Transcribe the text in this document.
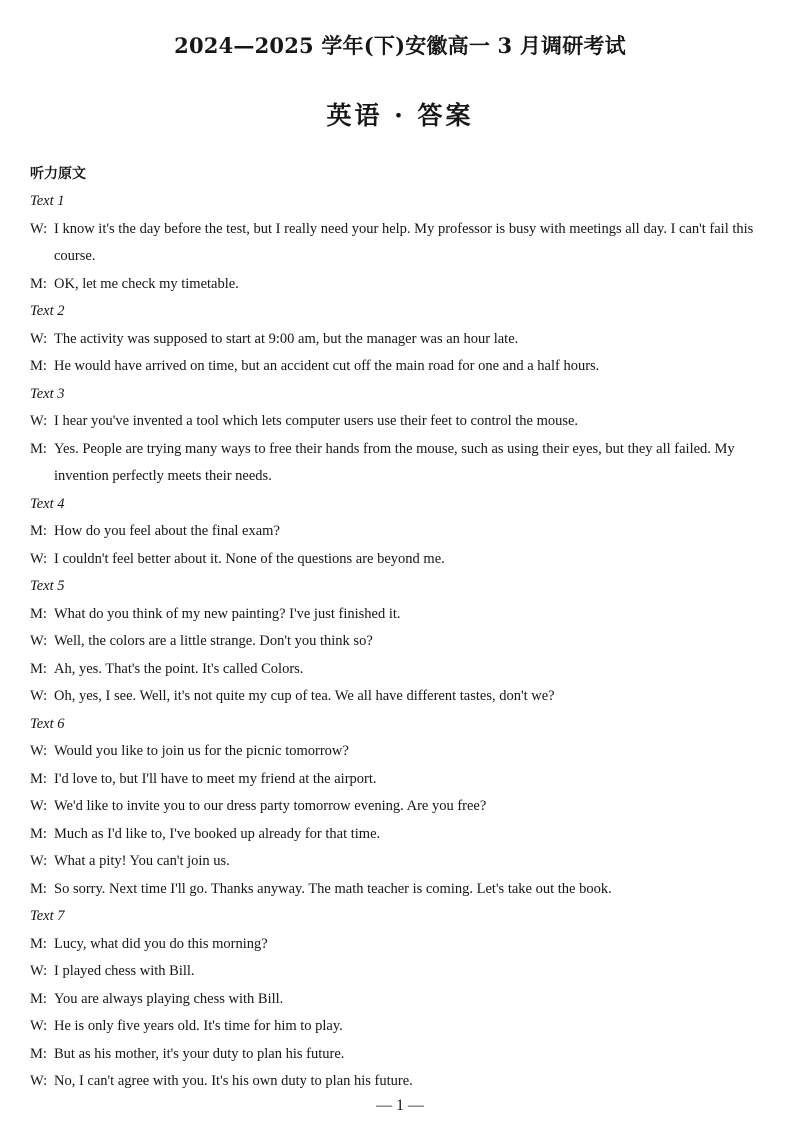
2024—2025 学年(下)安徽高一 3 月调研考试
英语 · 答案
听力原文
Text 1
W: I know it's the day before the test, but I really need your help. My professor is busy with meetings all day. I can't fail this course.
M: OK, let me check my timetable.
Text 2
W: The activity was supposed to start at 9:00 am, but the manager was an hour late.
M: He would have arrived on time, but an accident cut off the main road for one and a half hours.
Text 3
W: I hear you've invented a tool which lets computer users use their feet to control the mouse.
M: Yes. People are trying many ways to free their hands from the mouse, such as using their eyes, but they all failed. My invention perfectly meets their needs.
Text 4
M: How do you feel about the final exam?
W: I couldn't feel better about it. None of the questions are beyond me.
Text 5
M: What do you think of my new painting? I've just finished it.
W: Well, the colors are a little strange. Don't you think so?
M: Ah, yes. That's the point. It's called Colors.
W: Oh, yes, I see. Well, it's not quite my cup of tea. We all have different tastes, don't we?
Text 6
W: Would you like to join us for the picnic tomorrow?
M: I'd love to, but I'll have to meet my friend at the airport.
W: We'd like to invite you to our dress party tomorrow evening. Are you free?
M: Much as I'd like to, I've booked up already for that time.
W: What a pity! You can't join us.
M: So sorry. Next time I'll go. Thanks anyway. The math teacher is coming. Let's take out the book.
Text 7
M: Lucy, what did you do this morning?
W: I played chess with Bill.
M: You are always playing chess with Bill.
W: He is only five years old. It's time for him to play.
M: But as his mother, it's your duty to plan his future.
W: No, I can't agree with you. It's his own duty to plan his future.
— 1 —
